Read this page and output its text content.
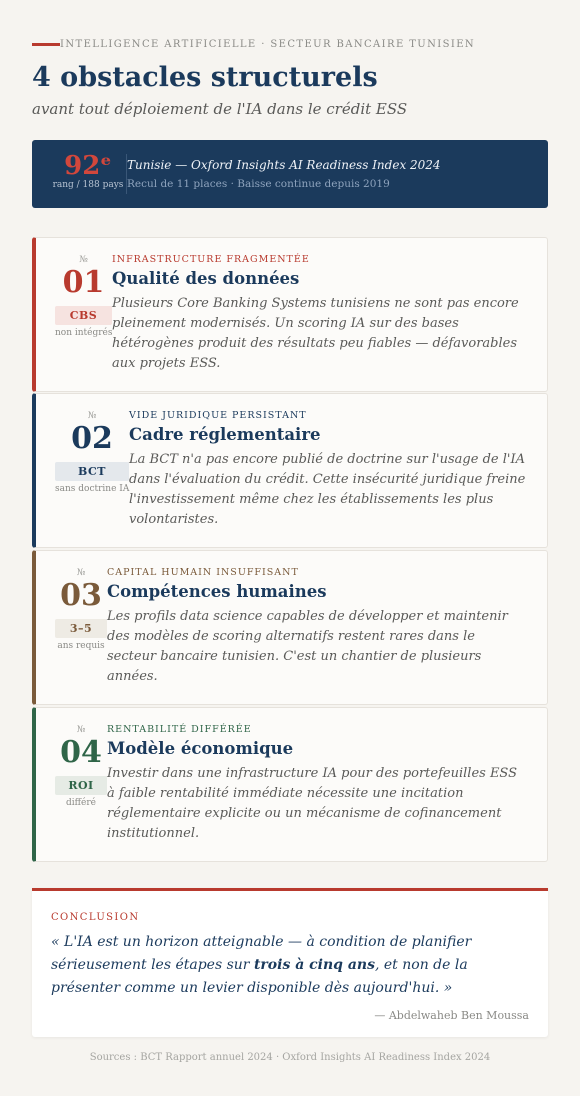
INTELLIGENCE ARTIFICIELLE · SECTEUR BANCAIRE TUNISIEN
4 obstacles structurels
avant tout déploiement de l'IA dans le crédit ESS
92ᵉ
rang / 188 pays
Tunisie — Oxford Insights AI Readiness Index 2024
Recul de 11 places · Baisse continue depuis 2019
№
01
CBS
non intégrés
INFRASTRUCTURE FRAGMENTÉE
Qualité des données
Plusieurs Core Banking Systems tunisiens ne sont pas encore
pleinement modernisés. Un scoring IA sur des bases
hétérogènes produit des résultats peu fiables — défavorables
aux projets ESS.
№
02
BCT
sans doctrine IA
VIDE JURIDIQUE PERSISTANT
Cadre réglementaire
La BCT n'a pas encore publié de doctrine sur l'usage de l'IA
dans l'évaluation du crédit. Cette insécurité juridique freine
l'investissement même chez les établissements les plus
volontaristes.
№
03
3–5
ans requis
CAPITAL HUMAIN INSUFFISANT
Compétences humaines
Les profils data science capables de développer et maintenir
des modèles de scoring alternatifs restent rares dans le
secteur bancaire tunisien. C'est un chantier de plusieurs
années.
№
04
ROI
différé
RENTABILITÉ DIFFÉRÉE
Modèle économique
Investir dans une infrastructure IA pour des portefeuilles ESS
à faible rentabilité immédiate nécessite une incitation
réglementaire explicite ou un mécanisme de cofinancement
institutionnel.
CONCLUSION
« L'IA est un horizon atteignable — à condition de planifier sérieusement les étapes sur trois à cinq ans, et non de la présenter comme un levier disponible dès aujourd'hui. »
— Abdelwaheb Ben Moussa
Sources : BCT Rapport annuel 2024 · Oxford Insights AI Readiness Index 2024
